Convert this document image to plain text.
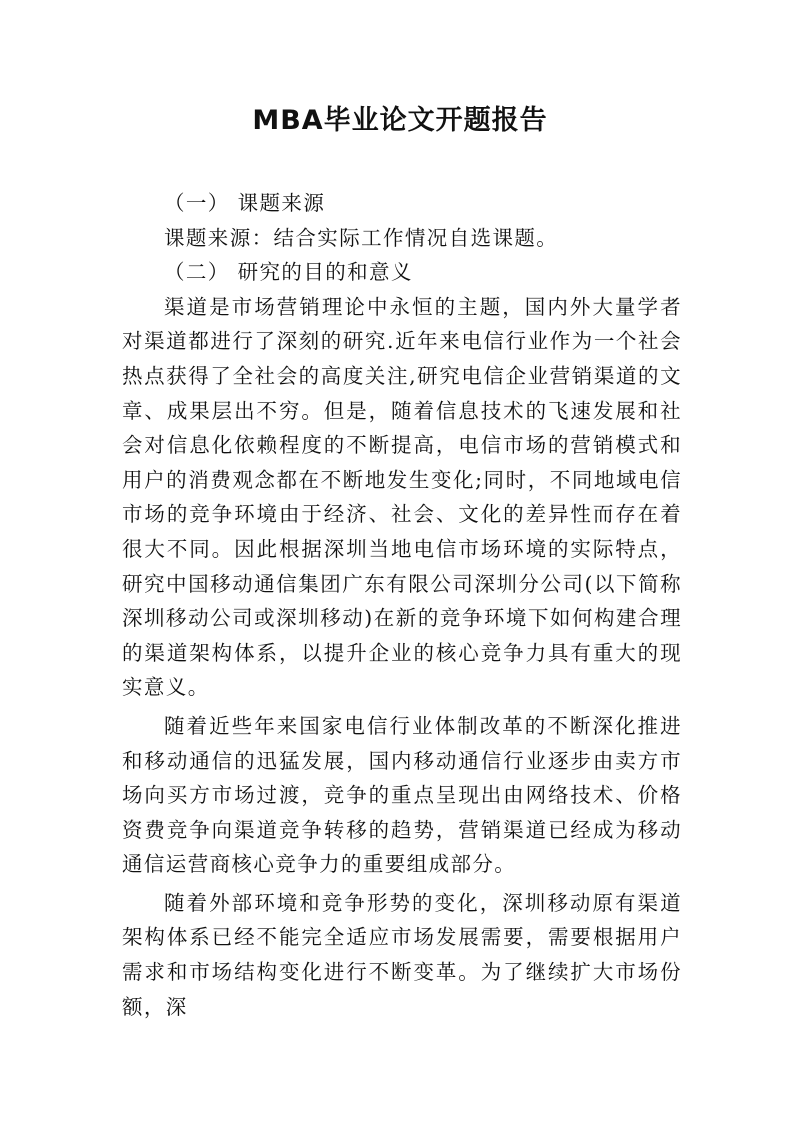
MBA毕业论文开题报告

（一） 课题来源

课题来源：结合实际工作情况自选课题。

（二） 研究的目的和意义

渠道是市场营销理论中永恒的主题，国内外大量学者对渠道都进行了深刻的研究.近年来电信行业作为一个社会热点获得了全社会的高度关注,研究电信企业营销渠道的文章、成果层出不穷。但是，随着信息技术的飞速发展和社会对信息化依赖程度的不断提高，电信市场的营销模式和用户的消费观念都在不断地发生变化;同时，不同地域电信市场的竞争环境由于经济、社会、文化的差异性而存在着很大不同。因此根据深圳当地电信市场环境的实际特点，研究中国移动通信集团广东有限公司深圳分公司(以下简称深圳移动公司或深圳移动)在新的竞争环境下如何构建合理的渠道架构体系，以提升企业的核心竞争力具有重大的现实意义。

随着近些年来国家电信行业体制改革的不断深化推进和移动通信的迅猛发展，国内移动通信行业逐步由卖方市场向买方市场过渡，竞争的重点呈现出由网络技术、价格资费竞争向渠道竞争转移的趋势，营销渠道已经成为移动通信运营商核心竞争力的重要组成部分。

随着外部环境和竞争形势的变化，深圳移动原有渠道架构体系已经不能完全适应市场发展需要，需要根据用户需求和市场结构变化进行不断变革。为了继续扩大市场份额，深
